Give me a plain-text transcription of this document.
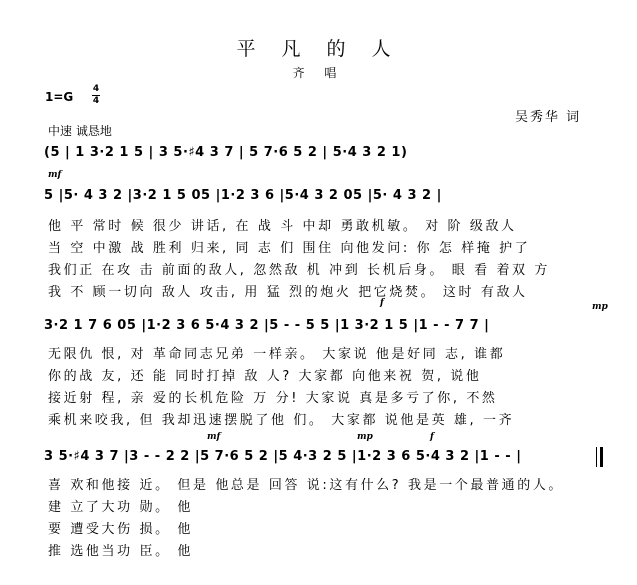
平 凡 的 人
齐 唱
1=G
4
4
吴秀华 词
中速 诚恳地
(5 | 1 3·2 1 5 | 3 5·♯4 3 7 | 5 7·6 5 2 | 5·4 3 2 1)
mf
5 |5· 4 3 2 |3·2 1 5 05 |1·2 3 6 |5·4 3 2 05 |5· 4 3 2 |
他 平 常时 候 很少 讲话, 在 战 斗 中却 勇敢机敏。 对 阶 级敌人
当 空 中激 战 胜利 归来, 同 志 们 围住 向他发问: 你 怎 样掩 护了
我们正 在攻 击 前面的敌人, 忽然敌 机 冲到 长机后身。 眼 看 着双 方
我 不 顾一切向 敌人 攻击, 用 猛 烈的炮火 把它烧焚。 这时 有敌人
f	mp
3·2 1 7 6 05 |1·2 3 6 5·4 3 2 |5 - - 5 5 |1 3·2 1 5 |1 - - 7 7 |
无限仇 恨, 对 革命同志兄弟 一样亲。 大家说 他是好同 志, 谁都
你的战 友, 还 能 同时打掉 敌 人? 大家都 向他来祝 贺, 说他
接近射 程, 亲 爱的长机危险 万 分! 大家说 真是多亏了你, 不然
乘机来咬我, 但 我却迅速摆脱了他 们。 大家都 说他是英 雄, 一齐
mf	mp	f
3 5·♯4 3 7 |3 - - 2 2 |5 7·6 5 2 |5 4·3 2 5 |1·2 3 6 5·4 3 2 |1 - - |
喜 欢和他接 近。 但是 他总是 回答 说:这有什么? 我是一个最普通的人。
建 立了大功 勋。 他
要 遭受大伤 损。 他
推 选他当功 臣。 他
